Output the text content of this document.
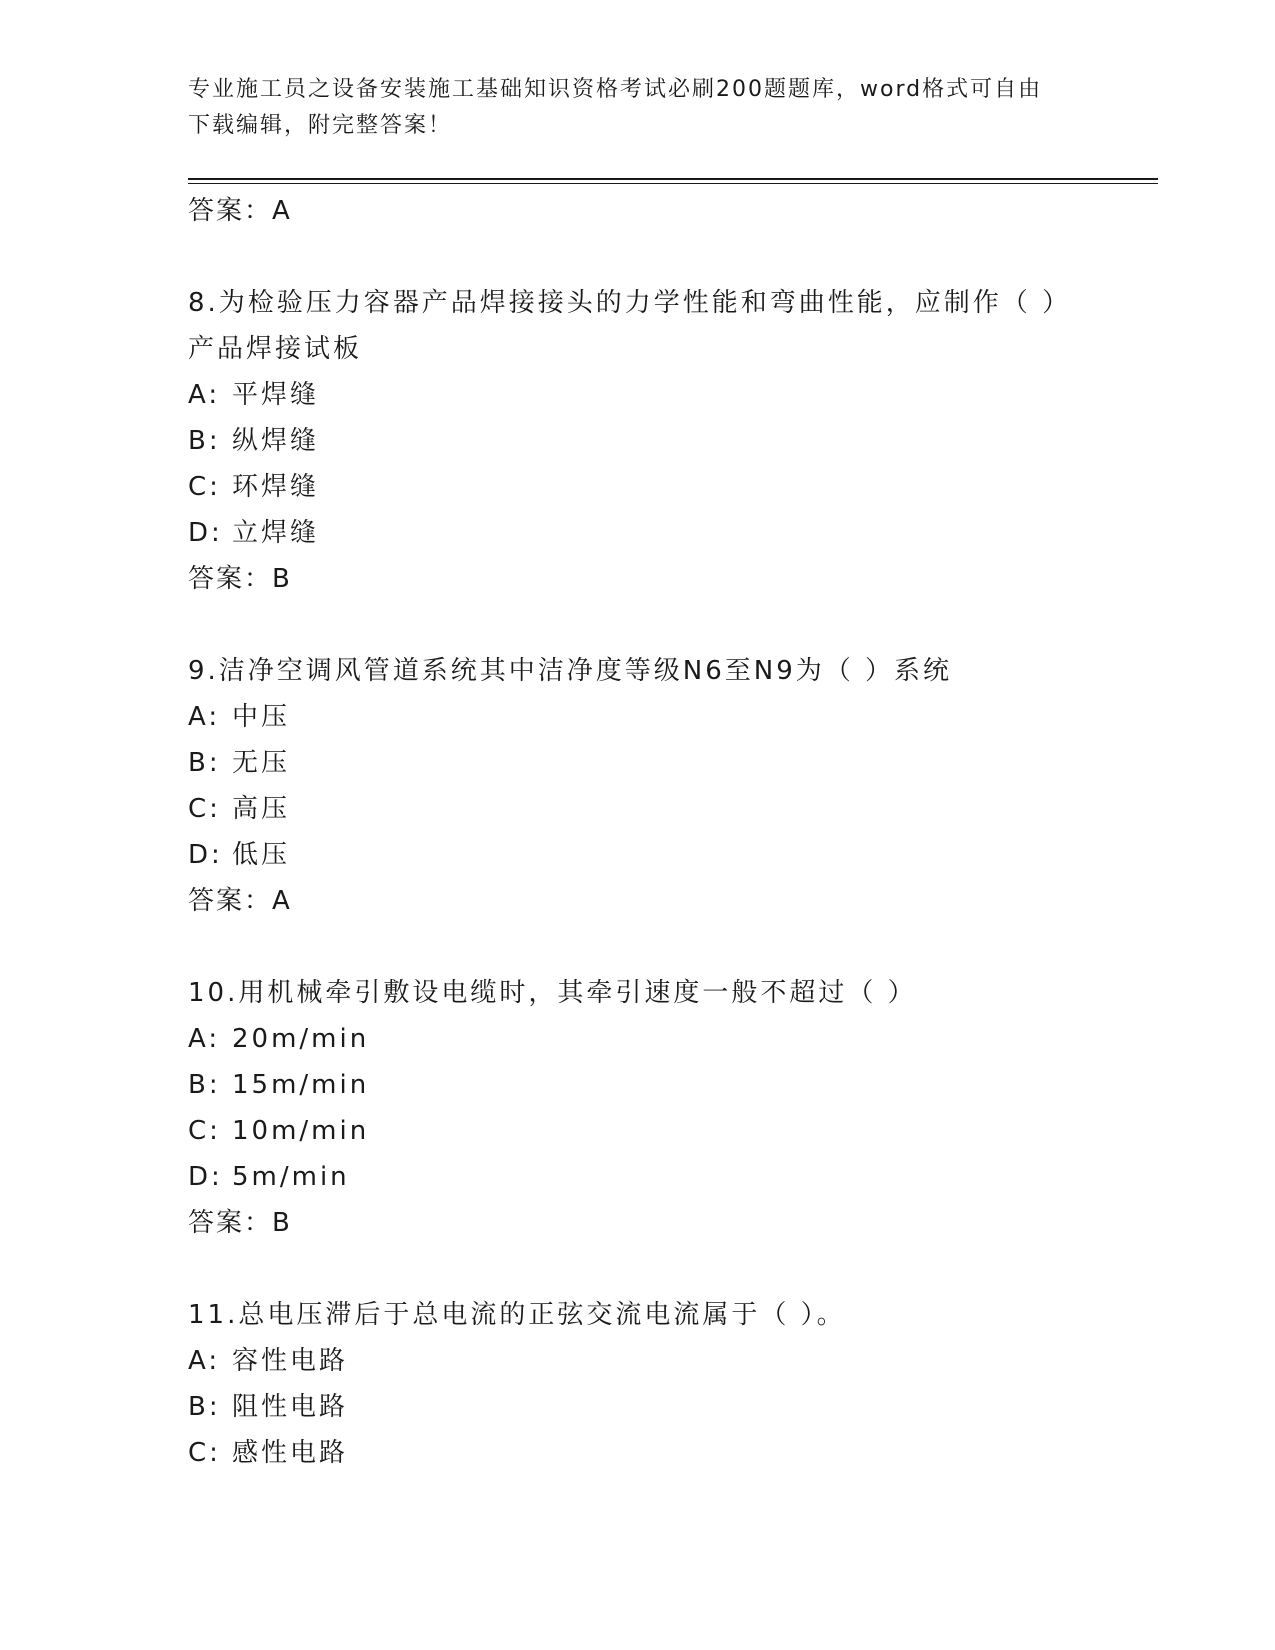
专业施工员之设备安装施工基础知识资格考试必刷200题题库，word格式可自由
下载编辑，附完整答案！
答案：A
8.为检验压力容器产品焊接接头的力学性能和弯曲性能，应制作（ ）
产品焊接试板
A: 平焊缝
B: 纵焊缝
C: 环焊缝
D: 立焊缝
答案：B
9.洁净空调风管道系统其中洁净度等级N6至N9为（ ）系统
A: 中压
B: 无压
C: 高压
D: 低压
答案：A
10.用机械牵引敷设电缆时，其牵引速度一般不超过（ ）
A: 20m/min
B: 15m/min
C: 10m/min
D: 5m/min
答案：B
11.总电压滞后于总电流的正弦交流电流属于（ ）。
A: 容性电路
B: 阻性电路
C: 感性电路
